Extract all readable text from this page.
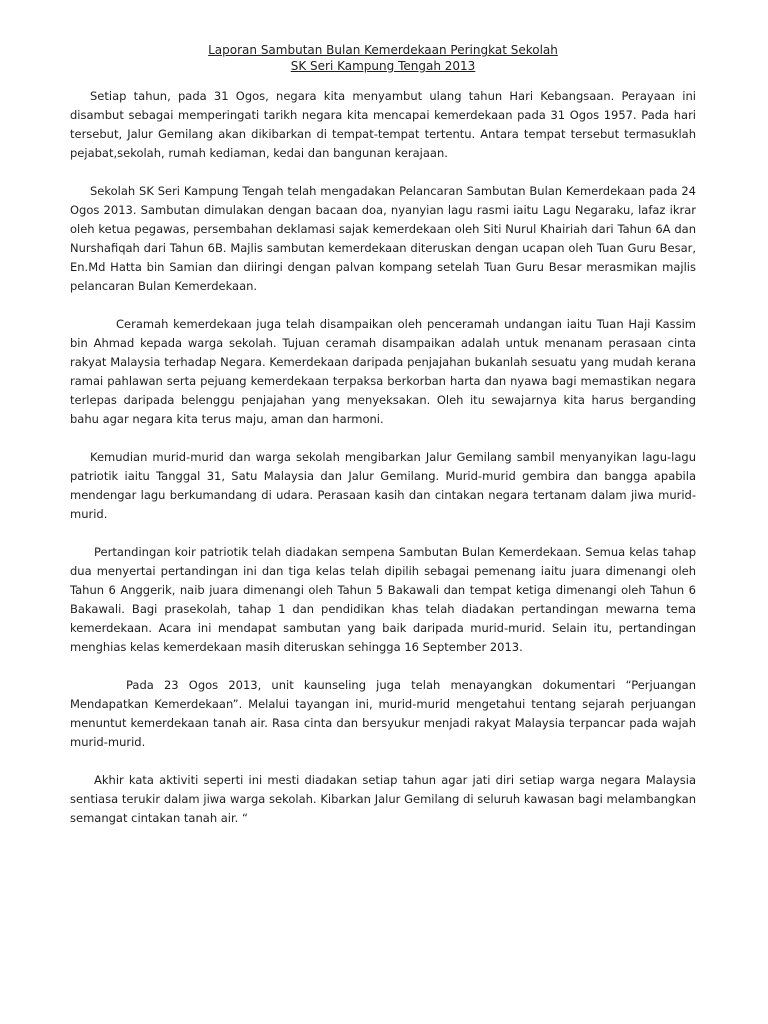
Laporan Sambutan Bulan Kemerdekaan Peringkat Sekolah

SK Seri Kampung Tengah 2013

Setiap tahun, pada 31 Ogos, negara kita menyambut ulang tahun Hari Kebangsaan. Perayaan ini disambut sebagai memperingati tarikh negara kita mencapai kemerdekaan pada 31 Ogos 1957. Pada hari tersebut, Jalur Gemilang akan dikibarkan di tempat-tempat tertentu. Antara tempat tersebut termasuklah pejabat,sekolah, rumah kediaman, kedai dan bangunan kerajaan.

Sekolah SK Seri Kampung Tengah telah mengadakan Pelancaran Sambutan Bulan Kemerdekaan pada 24 Ogos 2013. Sambutan dimulakan dengan bacaan doa, nyanyian lagu rasmi iaitu Lagu Negaraku, lafaz ikrar oleh ketua pegawas, persembahan deklamasi sajak kemerdekaan oleh Siti Nurul Khairiah dari Tahun 6A dan Nurshafiqah dari Tahun 6B. Majlis sambutan kemerdekaan diteruskan dengan ucapan oleh Tuan Guru Besar, En.Md Hatta bin Samian dan diiringi dengan palvan kompang setelah Tuan Guru Besar merasmikan majlis pelancaran Bulan Kemerdekaan.

Ceramah kemerdekaan juga telah disampaikan oleh penceramah undangan iaitu Tuan Haji Kassim bin Ahmad kepada warga sekolah. Tujuan ceramah disampaikan adalah untuk menanam perasaan cinta rakyat Malaysia terhadap Negara. Kemerdekaan daripada penjajahan bukanlah sesuatu yang mudah kerana ramai pahlawan serta pejuang kemerdekaan terpaksa berkorban harta dan nyawa bagi memastikan negara terlepas daripada belenggu penjajahan yang menyeksakan. Oleh itu sewajarnya kita harus berganding bahu agar negara kita terus maju, aman dan harmoni.

Kemudian murid-murid dan warga sekolah mengibarkan Jalur Gemilang sambil menyanyikan lagu-lagu patriotik iaitu Tanggal 31, Satu Malaysia dan Jalur Gemilang. Murid-murid gembira dan bangga apabila mendengar lagu berkumandang di udara. Perasaan kasih dan cintakan negara tertanam dalam jiwa murid-murid.

Pertandingan koir patriotik telah diadakan sempena Sambutan Bulan Kemerdekaan. Semua kelas tahap dua menyertai pertandingan ini dan tiga kelas telah dipilih sebagai pemenang iaitu juara dimenangi oleh Tahun 6 Anggerik, naib juara dimenangi oleh Tahun 5 Bakawali dan tempat ketiga dimenangi oleh Tahun 6 Bakawali. Bagi prasekolah, tahap 1 dan pendidikan khas telah diadakan pertandingan mewarna tema kemerdekaan. Acara ini mendapat sambutan yang baik daripada murid-murid. Selain itu, pertandingan menghias kelas kemerdekaan masih diteruskan sehingga 16 September 2013.

Pada 23 Ogos 2013, unit kaunseling juga telah menayangkan dokumentari “Perjuangan Mendapatkan Kemerdekaan”. Melalui tayangan ini, murid-murid mengetahui tentang sejarah perjuangan menuntut kemerdekaan tanah air. Rasa cinta dan bersyukur menjadi rakyat Malaysia terpancar pada wajah murid-murid.

Akhir kata aktiviti seperti ini mesti diadakan setiap tahun agar jati diri setiap warga negara Malaysia sentiasa terukir dalam jiwa warga sekolah. Kibarkan Jalur Gemilang di seluruh kawasan bagi melambangkan semangat cintakan tanah air. “
